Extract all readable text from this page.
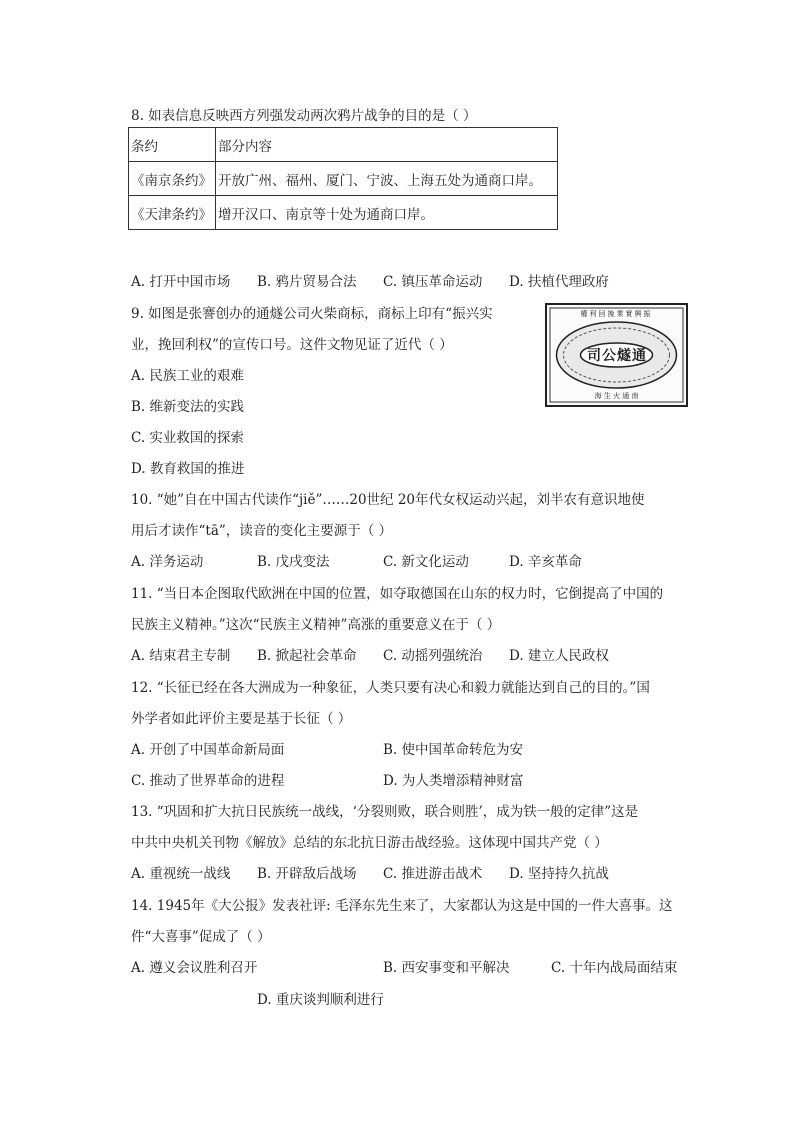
8. 如表信息反映西方列强发动两次鸦片战争的目的是（ ）
条约	部分内容
《南京条约》	开放广州、福州、厦门、宁波、上海五处为通商口岸。
《天津条约》	增开汉口、南京等十处为通商口岸。
A. 打开中国市场 B. 鸦片贸易合法 C. 镇压革命运动 D. 扶植代理政府
9. 如图是张謇创办的通燧公司火柴商标，商标上印有“振兴实
业，挽回利权”的宣传口号。这件文物见证了近代（ ）
A. 民族工业的艰难
B. 维新变法的实践
C. 实业救国的探索
D. 教育救国的推进
權利回挽業實興振
司公燧通
海 生 火 通 南
10. “她”自在中国古代读作“jiě”……20世纪 20年代女权运动兴起，刘半农有意识地使
用后才读作“tā”，读音的变化主要源于（ ）
A. 洋务运动	B. 戊戌变法	C. 新文化运动	D. 辛亥革命
11. “当日本企图取代欧洲在中国的位置，如夺取德国在山东的权力时，它倒提高了中国的
民族主义精神。”这次“民族主义精神”高涨的重要意义在于（ ）
A. 结束君主专制 B. 掀起社会革命 C. 动摇列强统治 D. 建立人民政权
12. “长征已经在各大洲成为一种象征，人类只要有决心和毅力就能达到自己的目的。”国
外学者如此评价主要是基于长征（ ）
A. 开创了中国革命新局面	B. 使中国革命转危为安
C. 推动了世界革命的进程	D. 为人类增添精神财富
13. “巩固和扩大抗日民族统一战线，‘分裂则败，联合则胜’，成为铁一般的定律”这是
中共中央机关刊物《解放》总结的东北抗日游击战经验。这体现中国共产党（ ）
A. 重视统一战线 B. 开辟敌后战场 C. 推进游击战术 D. 坚持持久抗战
14. 1945年《大公报》发表社评: 毛泽东先生来了，大家都认为这是中国的一件大喜事。这
件“大喜事”促成了（ ）
A. 遵义会议胜利召开	B. 西安事变和平解决	C. 十年内战局面结束
D. 重庆谈判顺利进行
